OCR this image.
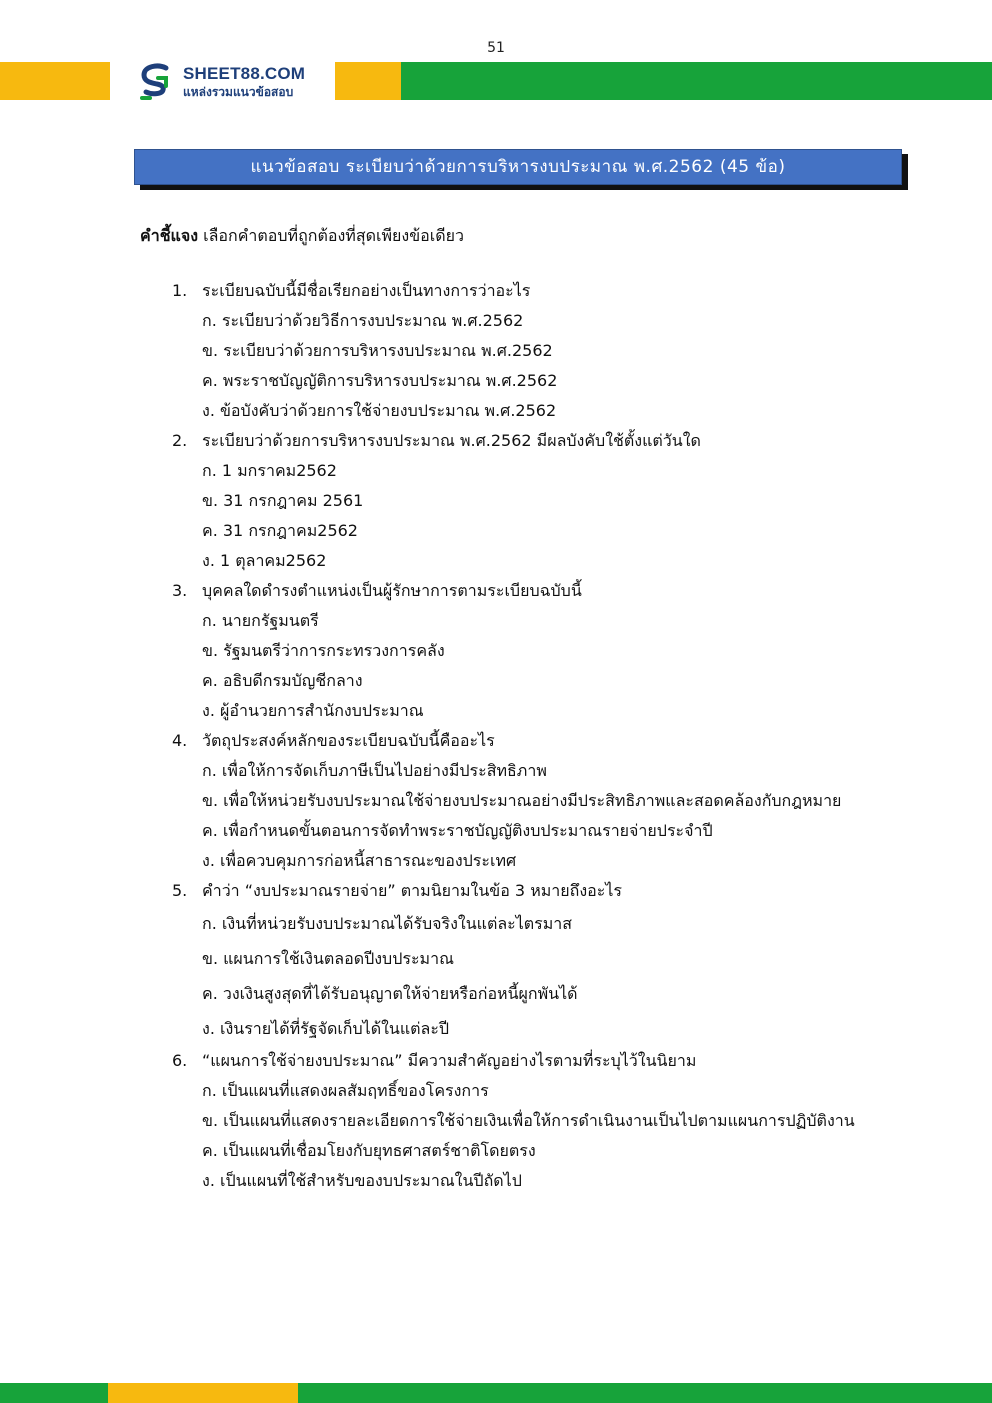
51
SHEET88.COM
แหล่งรวมแนวข้อสอบ
แนวข้อสอบ ระเบียบว่าด้วยการบริหารงบประมาณ พ.ศ.2562 (45 ข้อ)
คำชี้แจง เลือกคำตอบที่ถูกต้องที่สุดเพียงข้อเดียว
1. ระเบียบฉบับนี้มีชื่อเรียกอย่างเป็นทางการว่าอะไร
ก. ระเบียบว่าด้วยวิธีการงบประมาณ พ.ศ.2562
ข. ระเบียบว่าด้วยการบริหารงบประมาณ พ.ศ.2562
ค. พระราชบัญญัติการบริหารงบประมาณ พ.ศ.2562
ง. ข้อบังคับว่าด้วยการใช้จ่ายงบประมาณ พ.ศ.2562
2. ระเบียบว่าด้วยการบริหารงบประมาณ พ.ศ.2562 มีผลบังคับใช้ตั้งแต่วันใด
ก. 1 มกราคม2562
ข. 31 กรกฎาคม 2561
ค. 31 กรกฎาคม2562
ง. 1 ตุลาคม2562
3. บุคคลใดดำรงตำแหน่งเป็นผู้รักษาการตามระเบียบฉบับนี้
ก. นายกรัฐมนตรี
ข. รัฐมนตรีว่าการกระทรวงการคลัง
ค. อธิบดีกรมบัญชีกลาง
ง. ผู้อำนวยการสำนักงบประมาณ
4. วัตถุประสงค์หลักของระเบียบฉบับนี้คืออะไร
ก. เพื่อให้การจัดเก็บภาษีเป็นไปอย่างมีประสิทธิภาพ
ข. เพื่อให้หน่วยรับงบประมาณใช้จ่ายงบประมาณอย่างมีประสิทธิภาพและสอดคล้องกับกฎหมาย
ค. เพื่อกำหนดขั้นตอนการจัดทำพระราชบัญญัติงบประมาณรายจ่ายประจำปี
ง. เพื่อควบคุมการก่อหนี้สาธารณะของประเทศ
5. คำว่า “งบประมาณรายจ่าย” ตามนิยามในข้อ 3 หมายถึงอะไร
ก. เงินที่หน่วยรับงบประมาณได้รับจริงในแต่ละไตรมาส
ข. แผนการใช้เงินตลอดปีงบประมาณ
ค. วงเงินสูงสุดที่ได้รับอนุญาตให้จ่ายหรือก่อหนี้ผูกพันได้
ง. เงินรายได้ที่รัฐจัดเก็บได้ในแต่ละปี
6. “แผนการใช้จ่ายงบประมาณ” มีความสำคัญอย่างไรตามที่ระบุไว้ในนิยาม
ก. เป็นแผนที่แสดงผลสัมฤทธิ์ของโครงการ
ข. เป็นแผนที่แสดงรายละเอียดการใช้จ่ายเงินเพื่อให้การดำเนินงานเป็นไปตามแผนการปฏิบัติงาน
ค. เป็นแผนที่เชื่อมโยงกับยุทธศาสตร์ชาติโดยตรง
ง. เป็นแผนที่ใช้สำหรับของบประมาณในปีถัดไป
